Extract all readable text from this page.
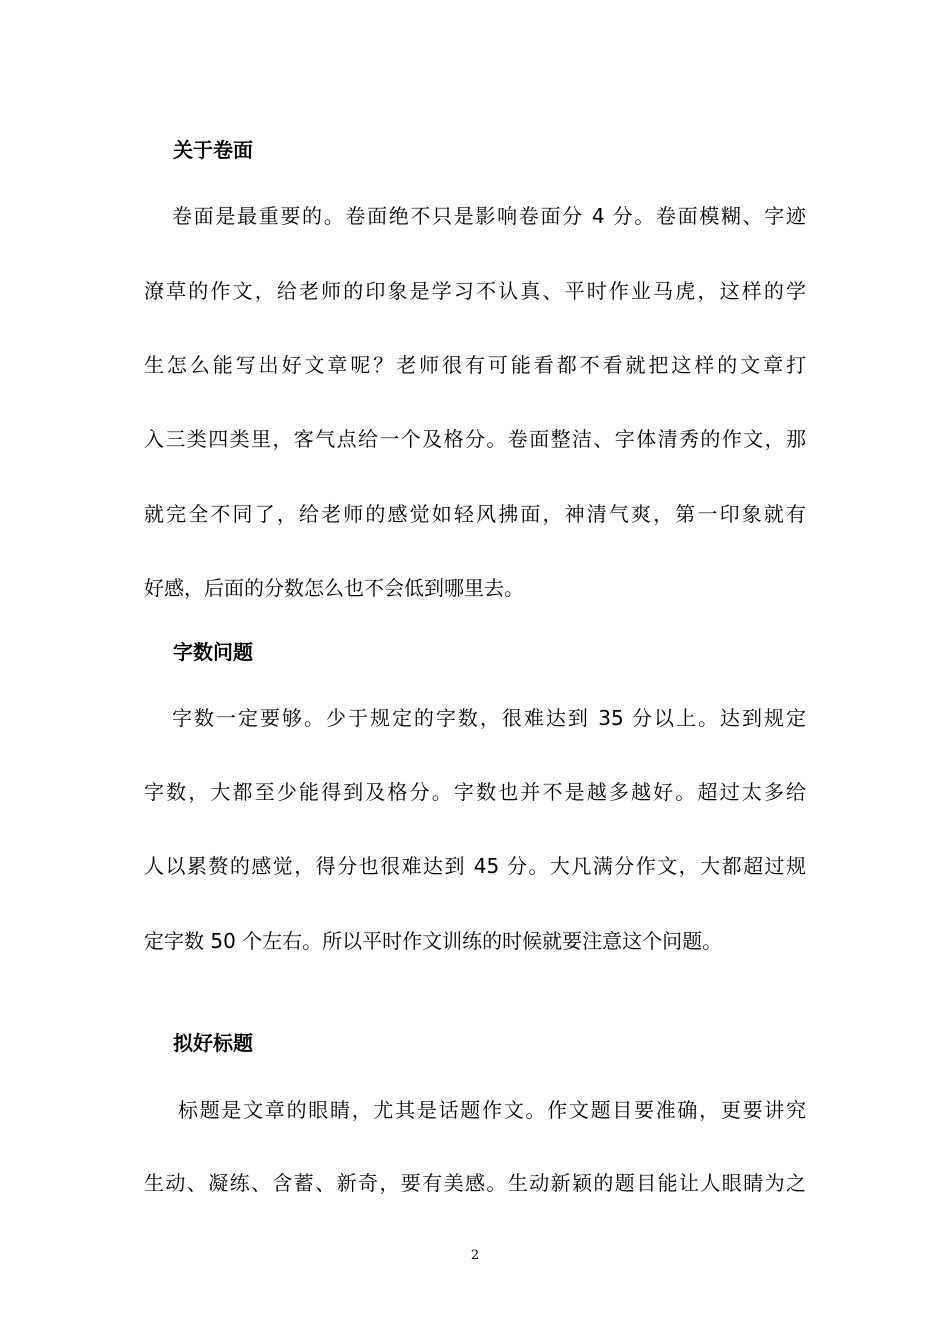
关于卷面
卷面是最重要的。卷面绝不只是影响卷面分 4 分。卷面模糊、字迹
潦草的作文，给老师的印象是学习不认真、平时作业马虎，这样的学
生怎么能写出好文章呢？老师很有可能看都不看就把这样的文章打
入三类四类里，客气点给一个及格分。卷面整洁、字体清秀的作文，那
就完全不同了，给老师的感觉如轻风拂面，神清气爽，第一印象就有
好感，后面的分数怎么也不会低到哪里去。
字数问题
字数一定要够。少于规定的字数，很难达到 35 分以上。达到规定
字数，大都至少能得到及格分。字数也并不是越多越好。超过太多给
人以累赘的感觉，得分也很难达到 45 分。大凡满分作文，大都超过规
定字数 50 个左右。所以平时作文训练的时候就要注意这个问题。
拟好标题
标题是文章的眼睛，尤其是话题作文。作文题目要准确，更要讲究
生动、凝练、含蓄、新奇，要有美感。生动新颖的题目能让人眼睛为之
2
